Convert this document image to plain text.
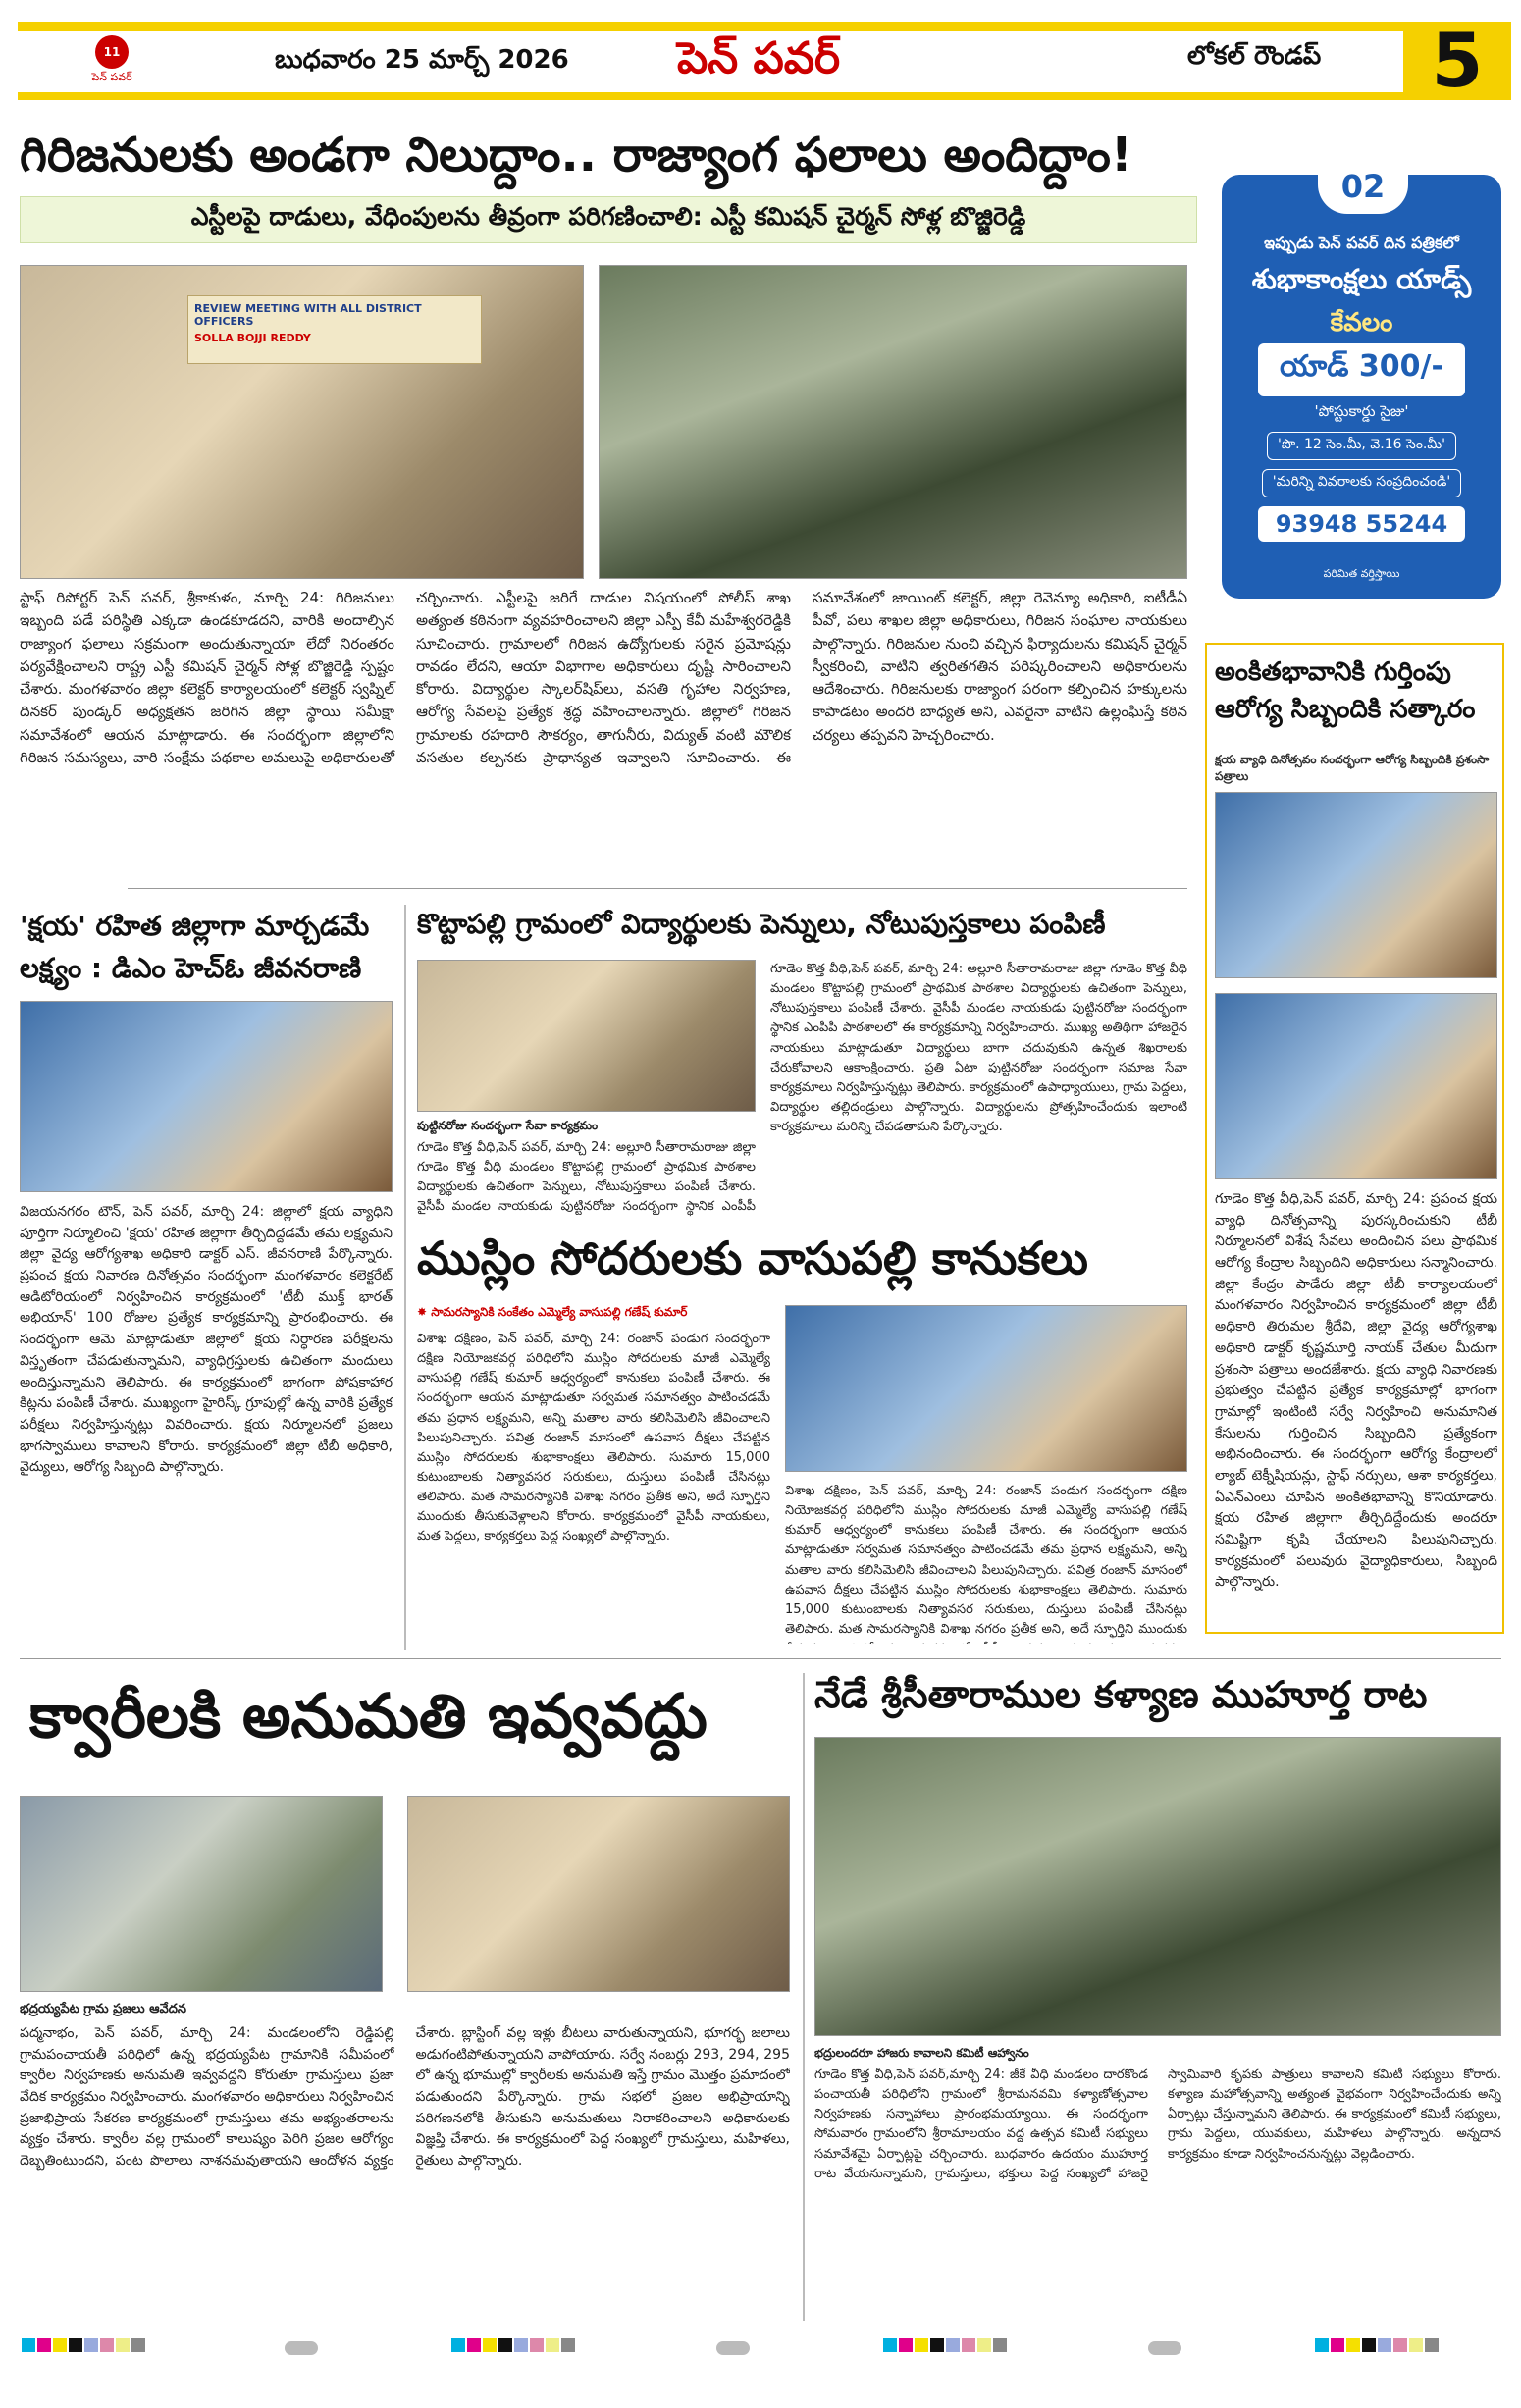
11
పెన్ పవర్
బుధవారం 25 మార్చ్ 2026	పెన్ పవర్	లోకల్ రౌండప్	5
గిరిజనులకు అండగా నిలుద్దాం.. రాజ్యాంగ ఫలాలు అందిద్దాం!
ఎస్టీలపై దాడులు, వేధింపులను తీవ్రంగా పరిగణించాలి: ఎస్టీ కమిషన్ చైర్మన్ సోళ్ల బొజ్జిరెడ్డి
REVIEW MEETING WITH ALL DISTRICT OFFICERS
SOLLA BOJJI REDDY
స్టాఫ్ రిపోర్టర్ పెన్ పవర్, శ్రీకాకుళం, మార్చి 24: గిరిజనులు ఇబ్బంది పడే పరిస్థితి ఎక్కడా ఉండకూడదని, వారికి అందాల్సిన రాజ్యాంగ ఫలాలు సక్రమంగా అందుతున్నాయా లేదో నిరంతరం పర్యవేక్షించాలని రాష్ట్ర ఎస్టీ కమిషన్ చైర్మన్ సోళ్ల బొజ్జిరెడ్డి స్పష్టం చేశారు. మంగళవారం జిల్లా కలెక్టర్ కార్యాలయంలో కలెక్టర్ స్వప్నిల్ దినకర్ పుండ్కర్ అధ్యక్షతన జరిగిన జిల్లా స్థాయి సమీక్షా సమావేశంలో ఆయన మాట్లాడారు. ఈ సందర్భంగా జిల్లాలోని గిరిజన సమస్యలు, వారి సంక్షేమ పథకాల అమలుపై అధికారులతో చర్చించారు. ఎస్టీలపై జరిగే దాడుల విషయంలో పోలీస్ శాఖ అత్యంత కఠినంగా వ్యవహరించాలని జిల్లా ఎస్పీ కేవీ మహేశ్వరరెడ్డికి సూచించారు. గ్రామాలలో గిరిజన ఉద్యోగులకు సరైన ప్రమోషన్లు రావడం లేదని, ఆయా విభాగాల అధికారులు దృష్టి సారించాలని కోరారు. విద్యార్థుల స్కాలర్‌షిప్‌లు, వసతి గృహాల నిర్వహణ, ఆరోగ్య సేవలపై ప్రత్యేక శ్రద్ధ వహించాలన్నారు. జిల్లాలో గిరిజన గ్రామాలకు రహదారి సౌకర్యం, తాగునీరు, విద్యుత్ వంటి మౌలిక వసతుల కల్పనకు ప్రాధాన్యత ఇవ్వాలని సూచించారు. ఈ సమావేశంలో జాయింట్ కలెక్టర్, జిల్లా రెవెన్యూ అధికారి, ఐటీడీఏ పీవో, పలు శాఖల జిల్లా అధికారులు, గిరిజన సంఘాల నాయకులు పాల్గొన్నారు. గిరిజనుల నుంచి వచ్చిన ఫిర్యాదులను కమిషన్ చైర్మన్ స్వీకరించి, వాటిని త్వరితగతిన పరిష్కరించాలని అధికారులను ఆదేశించారు. గిరిజనులకు రాజ్యాంగ పరంగా కల్పించిన హక్కులను కాపాడటం అందరి బాధ్యత అని, ఎవరైనా వాటిని ఉల్లంఘిస్తే కఠిన చర్యలు తప్పవని హెచ్చరించారు.
02
ఇప్పుడు పెన్ పవర్ దిన పత్రికలో
శుభాకాంక్షలు యాడ్స్
కేవలం
యాడ్ 300/-
'పోస్టుకార్డు సైజు'
'పొ. 12 సెం.మీ, వె.16 సెం.మీ'
'మరిన్ని వివరాలకు సంప్రదించండి'
93948 55244
పరిమిత వర్తిస్తాయి
అంకితభావానికి గుర్తింపు ఆరోగ్య సిబ్బందికి సత్కారం
క్షయ వ్యాధి దినోత్సవం సందర్భంగా ఆరోగ్య సిబ్బందికి ప్రశంసా పత్రాలు
గూడెం కొత్త వీధి,పెన్ పవర్, మార్చి 24: ప్రపంచ క్షయ వ్యాధి దినోత్సవాన్ని పురస్కరించుకుని టీబీ నిర్మూలనలో విశేష సేవలు అందించిన పలు ప్రాథమిక ఆరోగ్య కేంద్రాల సిబ్బందిని అధికారులు సన్మానించారు. జిల్లా కేంద్రం పాడేరు జిల్లా టీబీ కార్యాలయంలో మంగళవారం నిర్వహించిన కార్యక్రమంలో జిల్లా టీబీ అధికారి తిరుమల శ్రీదేవి, జిల్లా వైద్య ఆరోగ్యశాఖ అధికారి డాక్టర్ కృష్ణమూర్తి నాయక్ చేతుల మీదుగా ప్రశంసా పత్రాలు అందజేశారు. క్షయ వ్యాధి నివారణకు ప్రభుత్వం చేపట్టిన ప్రత్యేక కార్యక్రమాల్లో భాగంగా గ్రామాల్లో ఇంటింటి సర్వే నిర్వహించి అనుమానిత కేసులను గుర్తించిన సిబ్బందిని ప్రత్యేకంగా అభినందించారు. ఈ సందర్భంగా ఆరోగ్య కేంద్రాలలో ల్యాబ్ టెక్నీషియన్లు, స్టాఫ్ నర్సులు, ఆశా కార్యకర్తలు, ఏఎన్ఎంలు చూపిన అంకితభావాన్ని కొనియాడారు. క్షయ రహిత జిల్లాగా తీర్చిదిద్దేందుకు అందరూ సమిష్టిగా కృషి చేయాలని పిలుపునిచ్చారు. కార్యక్రమంలో పలువురు వైద్యాధికారులు, సిబ్బంది పాల్గొన్నారు.
'క్షయ' రహిత జిల్లాగా మార్చడమే లక్ష్యం : డిఎం హెచ్ఓ జీవనరాణి
విజయనగరం టౌన్, పెన్ పవర్, మార్చి 24: జిల్లాలో క్షయ వ్యాధిని పూర్తిగా నిర్మూలించి 'క్షయ' రహిత జిల్లాగా తీర్చిదిద్దడమే తమ లక్ష్యమని జిల్లా వైద్య ఆరోగ్యశాఖ అధికారి డాక్టర్ ఎస్. జీవనరాణి పేర్కొన్నారు. ప్రపంచ క్షయ నివారణ దినోత్సవం సందర్భంగా మంగళవారం కలెక్టరేట్ ఆడిటోరియంలో నిర్వహించిన కార్యక్రమంలో 'టీబీ ముక్త్ భారత్ అభియాన్' 100 రోజుల ప్రత్యేక కార్యక్రమాన్ని ప్రారంభించారు. ఈ సందర్భంగా ఆమె మాట్లాడుతూ జిల్లాలో క్షయ నిర్ధారణ పరీక్షలను విస్తృతంగా చేపడుతున్నామని, వ్యాధిగ్రస్తులకు ఉచితంగా మందులు అందిస్తున్నామని తెలిపారు. ఈ కార్యక్రమంలో భాగంగా పోషకాహార కిట్లను పంపిణీ చేశారు. ముఖ్యంగా హైరిస్క్ గ్రూపుల్లో ఉన్న వారికి ప్రత్యేక పరీక్షలు నిర్వహిస్తున్నట్లు వివరించారు. క్షయ నిర్మూలనలో ప్రజలు భాగస్వాములు కావాలని కోరారు. కార్యక్రమంలో జిల్లా టీబీ అధికారి, వైద్యులు, ఆరోగ్య సిబ్బంది పాల్గొన్నారు.
కొట్టాపల్లి గ్రామంలో విద్యార్థులకు పెన్నులు, నోటుపుస్తకాలు పంపిణీ
పుట్టినరోజు సందర్భంగా సేవా కార్యక్రమం
గూడెం కొత్త వీధి,పెన్ పవర్, మార్చి 24: అల్లూరి సీతారామరాజు జిల్లా గూడెం కొత్త వీధి మండలం కొట్టాపల్లి గ్రామంలో ప్రాథమిక పాఠశాల విద్యార్థులకు ఉచితంగా పెన్నులు, నోటుపుస్తకాలు పంపిణీ చేశారు. వైసీపీ మండల నాయకుడు పుట్టినరోజు సందర్భంగా స్థానిక ఎంపీపీ
గూడెం కొత్త వీధి,పెన్ పవర్, మార్చి 24: అల్లూరి సీతారామరాజు జిల్లా గూడెం కొత్త వీధి మండలం కొట్టాపల్లి గ్రామంలో ప్రాథమిక పాఠశాల విద్యార్థులకు ఉచితంగా పెన్నులు, నోటుపుస్తకాలు పంపిణీ చేశారు. వైసీపీ మండల నాయకుడు పుట్టినరోజు సందర్భంగా స్థానిక ఎంపీపీ పాఠశాలలో ఈ కార్యక్రమాన్ని నిర్వహించారు. ముఖ్య అతిథిగా హాజరైన నాయకులు మాట్లాడుతూ విద్యార్థులు బాగా చదువుకుని ఉన్నత శిఖరాలకు చేరుకోవాలని ఆకాంక్షించారు. ప్రతి ఏటా పుట్టినరోజు సందర్భంగా సమాజ సేవా కార్యక్రమాలు నిర్వహిస్తున్నట్లు తెలిపారు. కార్యక్రమంలో ఉపాధ్యాయులు, గ్రామ పెద్దలు, విద్యార్థుల తల్లిదండ్రులు పాల్గొన్నారు. విద్యార్థులను ప్రోత్సహించేందుకు ఇలాంటి కార్యక్రమాలు మరిన్ని చేపడతామని పేర్కొన్నారు.
ముస్లిం సోదరులకు వాసుపల్లి కానుకలు
✸ సామరస్యానికి సంకేతం ఎమ్మెల్యే వాసుపల్లి గణేష్ కుమార్
విశాఖ దక్షిణం, పెన్ పవర్, మార్చి 24: రంజాన్ పండుగ సందర్భంగా దక్షిణ నియోజకవర్గ పరిధిలోని ముస్లిం సోదరులకు మాజీ ఎమ్మెల్యే వాసుపల్లి గణేష్ కుమార్ ఆధ్వర్యంలో కానుకలు పంపిణీ చేశారు. ఈ సందర్భంగా ఆయన మాట్లాడుతూ సర్వమత సమానత్వం పాటించడమే తమ ప్రధాన లక్ష్యమని, అన్ని మతాల వారు కలిసిమెలిసి జీవించాలని పిలుపునిచ్చారు. పవిత్ర రంజాన్ మాసంలో ఉపవాస దీక్షలు చేపట్టిన ముస్లిం సోదరులకు శుభాకాంక్షలు తెలిపారు. సుమారు 15,000 కుటుంబాలకు నిత్యావసర సరుకులు, దుస్తులు పంపిణీ చేసినట్లు తెలిపారు. మత సామరస్యానికి విశాఖ నగరం ప్రతీక అని, అదే స్ఫూర్తిని ముందుకు తీసుకువెళ్లాలని కోరారు. కార్యక్రమంలో వైసీపీ నాయకులు, మత పెద్దలు, కార్యకర్తలు పెద్ద సంఖ్యలో పాల్గొన్నారు.
విశాఖ దక్షిణం, పెన్ పవర్, మార్చి 24: రంజాన్ పండుగ సందర్భంగా దక్షిణ నియోజకవర్గ పరిధిలోని ముస్లిం సోదరులకు మాజీ ఎమ్మెల్యే వాసుపల్లి గణేష్ కుమార్ ఆధ్వర్యంలో కానుకలు పంపిణీ చేశారు. ఈ సందర్భంగా ఆయన మాట్లాడుతూ సర్వమత సమానత్వం పాటించడమే తమ ప్రధాన లక్ష్యమని, అన్ని మతాల వారు కలిసిమెలిసి జీవించాలని పిలుపునిచ్చారు. పవిత్ర రంజాన్ మాసంలో ఉపవాస దీక్షలు చేపట్టిన ముస్లిం సోదరులకు శుభాకాంక్షలు తెలిపారు. సుమారు 15,000 కుటుంబాలకు నిత్యావసర సరుకులు, దుస్తులు పంపిణీ చేసినట్లు తెలిపారు. మత సామరస్యానికి విశాఖ నగరం ప్రతీక అని, అదే స్ఫూర్తిని ముందుకు
క్వారీలకి అనుమతి ఇవ్వవద్దు
భద్రయ్యపేట గ్రామ ప్రజలు ఆవేదన
పద్మనాభం, పెన్ పవర్, మార్చి 24: మండలంలోని రెడ్డిపల్లి గ్రామపంచాయతీ పరిధిలో ఉన్న భద్రయ్యపేట గ్రామానికి సమీపంలో క్వారీల నిర్వహణకు అనుమతి ఇవ్వవద్దని కోరుతూ గ్రామస్తులు ప్రజా వేదిక కార్యక్రమం నిర్వహించారు. మంగళవారం అధికారులు నిర్వహించిన ప్రజాభిప్రాయ సేకరణ కార్యక్రమంలో గ్రామస్తులు తమ అభ్యంతరాలను వ్యక్తం చేశారు. క్వారీల వల్ల గ్రామంలో కాలుష్యం పెరిగి ప్రజల ఆరోగ్యం దెబ్బతింటుందని, పంట పొలాలు నాశనమవుతాయని ఆందోళన వ్యక్తం చేశారు. బ్లాస్టింగ్ వల్ల ఇళ్లు బీటలు వారుతున్నాయని, భూగర్భ జలాలు అడుగంటిపోతున్నాయని వాపోయారు. సర్వే నంబర్లు 293, 294, 295 లో ఉన్న భూముల్లో క్వారీలకు అనుమతి ఇస్తే గ్రామం మొత్తం ప్రమాదంలో పడుతుందని పేర్కొన్నారు. గ్రామ సభలో ప్రజల అభిప్రాయాన్ని పరిగణనలోకి తీసుకుని అనుమతులు నిరాకరించాలని అధికారులకు విజ్ఞప్తి చేశారు. ఈ కార్యక్రమంలో పెద్ద సంఖ్యలో గ్రామస్తులు, మహిళలు, రైతులు పాల్గొన్నారు.
నేడే శ్రీసీతారాముల కళ్యాణ ముహూర్త రాట
భద్రులందరూ హాజరు కావాలని కమిటీ ఆహ్వానం
గూడెం కొత్త వీధి,పెన్ పవర్,మార్చి 24: జీకే వీధి మండలం దారకొండ పంచాయతీ పరిధిలోని గ్రామంలో శ్రీరామనవమి కళ్యాణోత్సవాల నిర్వహణకు సన్నాహాలు ప్రారంభమయ్యాయి. ఈ సందర్భంగా సోమవారం గ్రామంలోని శ్రీరామాలయం వద్ద ఉత్సవ కమిటీ సభ్యులు సమావేశమై ఏర్పాట్లపై చర్చించారు. బుధవారం ఉదయం ముహూర్త రాట వేయనున్నామని, గ్రామస్తులు, భక్తులు పెద్ద సంఖ్యలో హాజరై స్వామివారి కృపకు పాత్రులు కావాలని కమిటీ సభ్యులు కోరారు. కళ్యాణ మహోత్సవాన్ని అత్యంత వైభవంగా నిర్వహించేందుకు అన్ని ఏర్పాట్లు చేస్తున్నామని తెలిపారు. ఈ కార్యక్రమంలో కమిటీ సభ్యులు, గ్రామ పెద్దలు, యువకులు, మహిళలు పాల్గొన్నారు. అన్నదాన కార్యక్రమం కూడా నిర్వహించనున్నట్లు వెల్లడించారు.
